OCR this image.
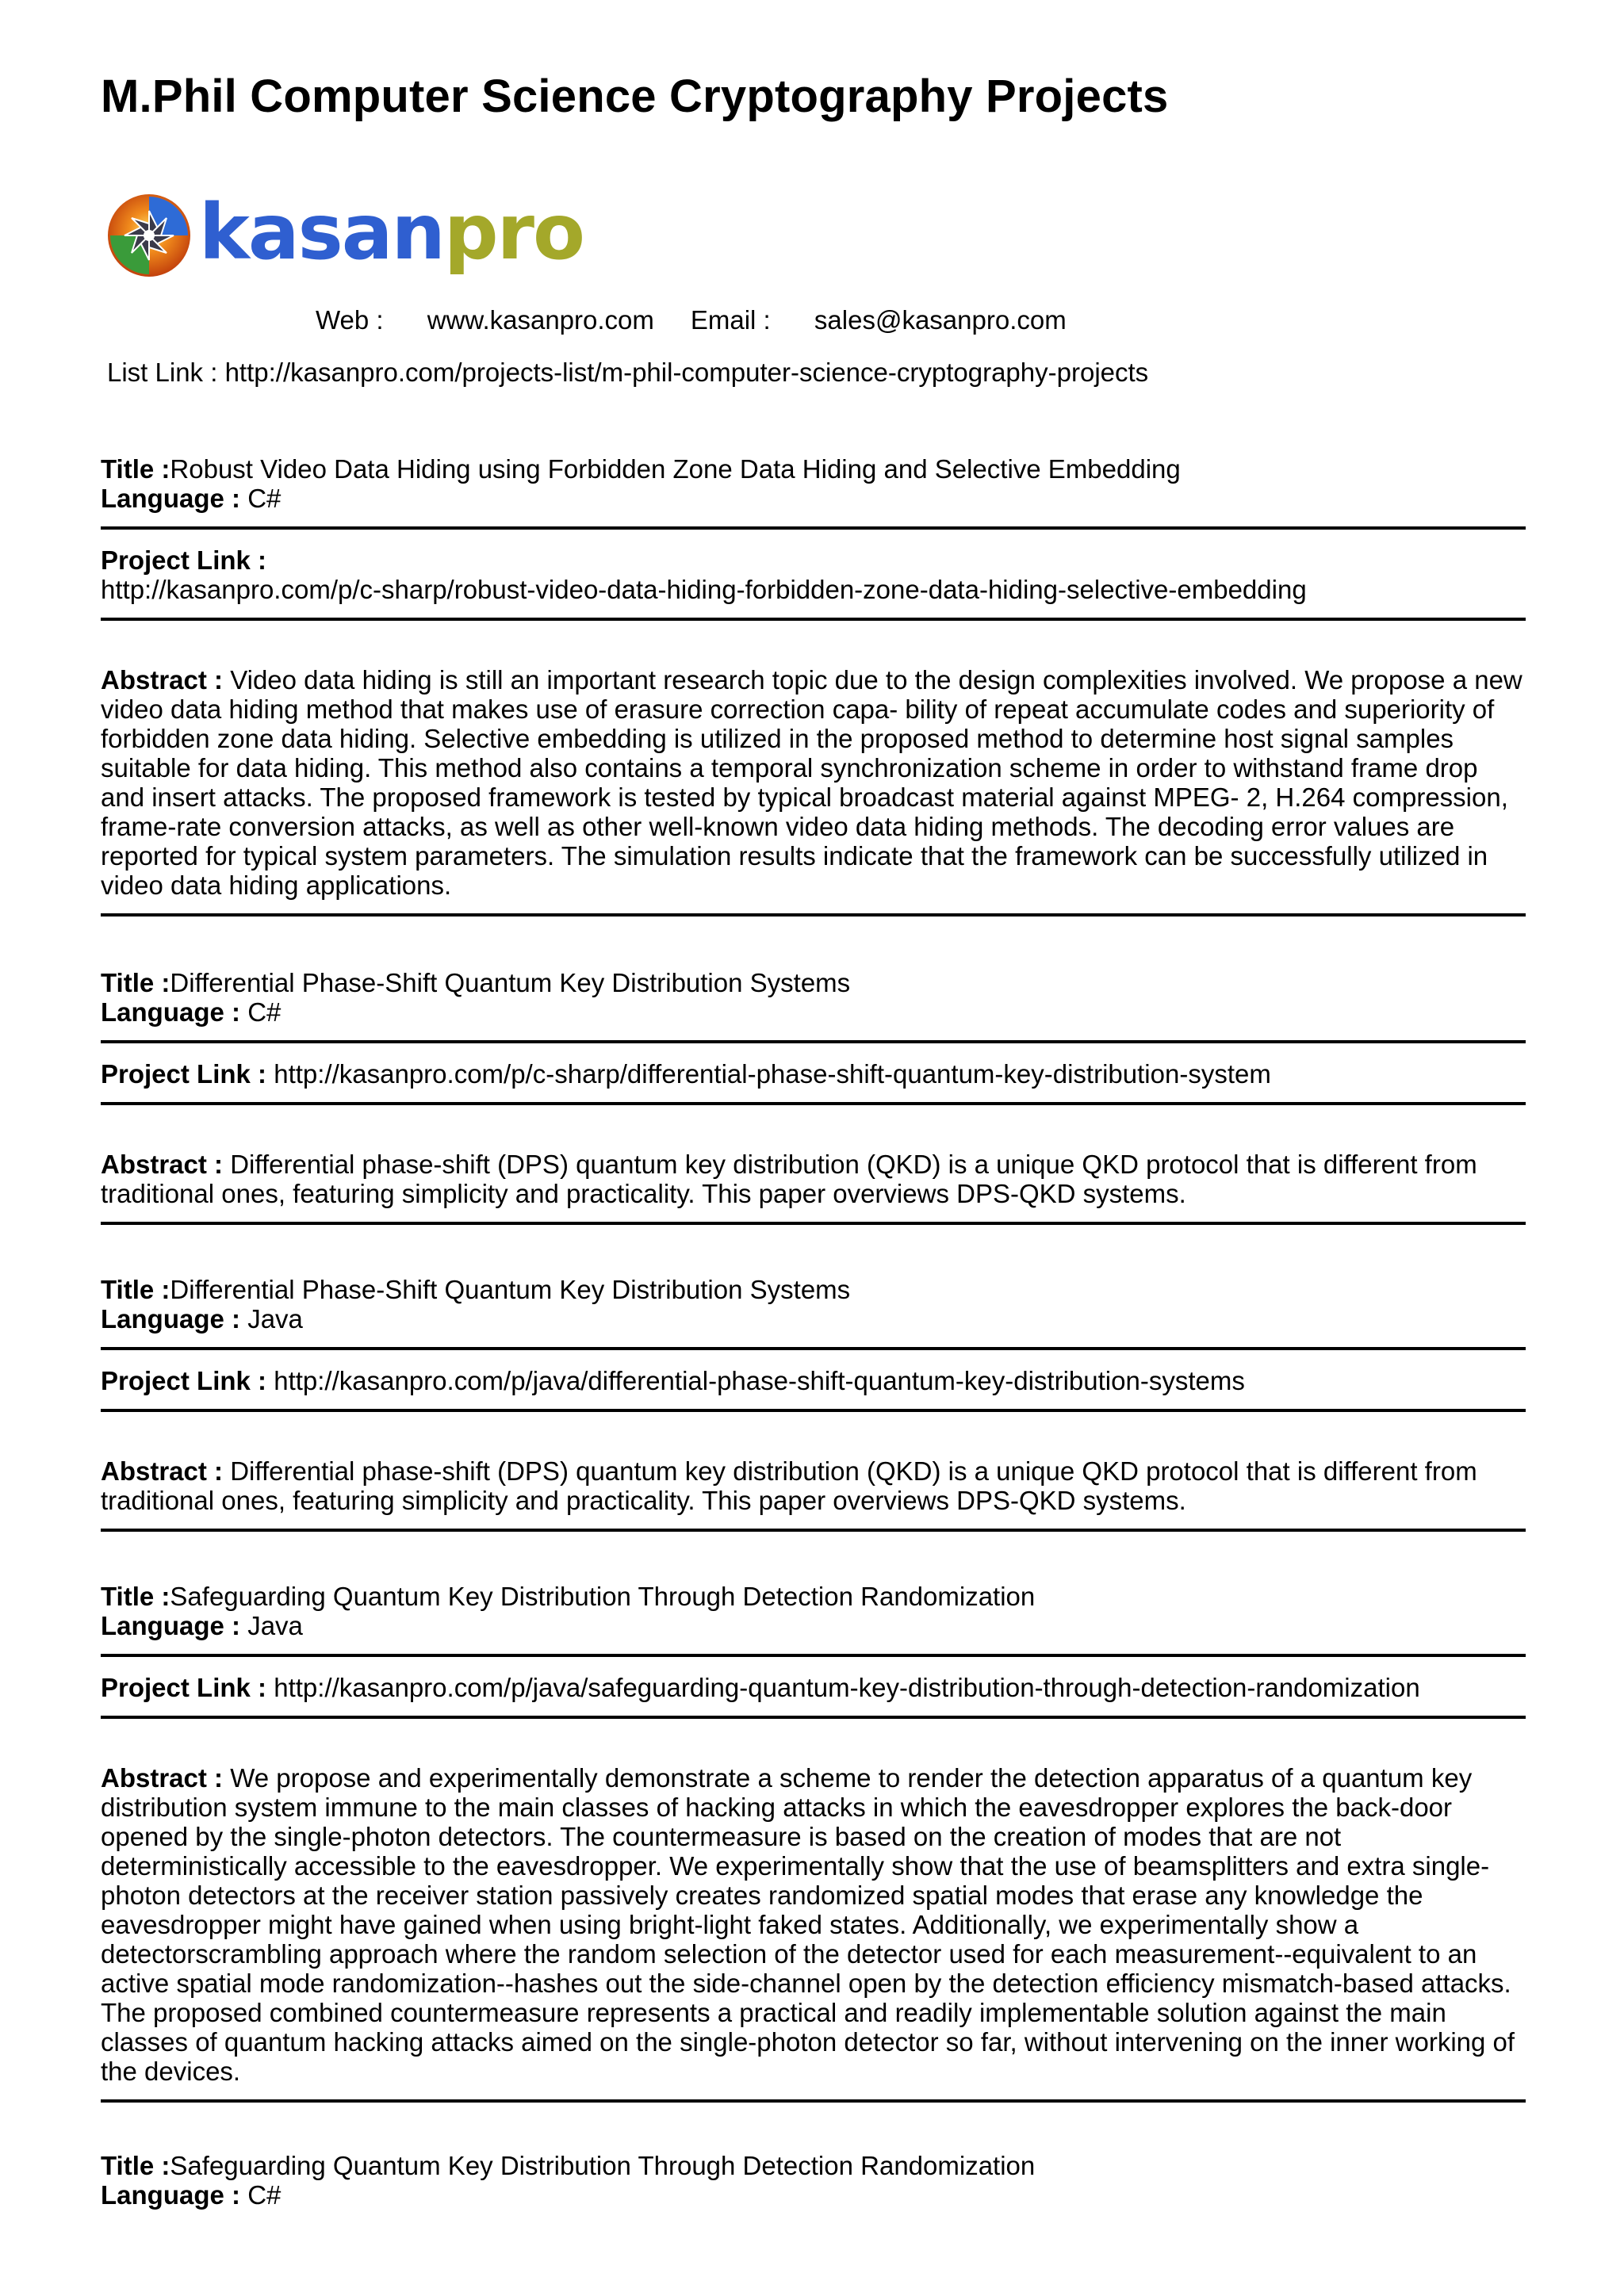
M.Phil Computer Science Cryptography Projects
kasanpro
Web : www.kasanpro.com Email : sales@kasanpro.com
List Link : http://kasanpro.com/projects-list/m-phil-computer-science-cryptography-projects

Title :Robust Video Data Hiding using Forbidden Zone Data Hiding and Selective Embedding

Language : C#

Project Link :

http://kasanpro.com/p/c-sharp/robust-video-data-hiding-forbidden-zone-data-hiding-selective-embedding

Abstract : Video data hiding is still an important research topic due to the design complexities involved. We propose a new video data hiding method that makes use of erasure correction capa- bility of repeat accumulate codes and superiority of forbidden zone data hiding. Selective embedding is utilized in the proposed method to determine host signal samples suitable for data hiding. This method also contains a temporal synchronization scheme in order to withstand frame drop and insert attacks. The proposed framework is tested by typical broadcast material against MPEG- 2, H.264 compression, frame-rate conversion attacks, as well as other well-known video data hiding methods. The decoding error values are reported for typical system parameters. The simulation results indicate that the framework can be successfully utilized in video data hiding applications.

Title :Differential Phase-Shift Quantum Key Distribution Systems

Language : C#

Project Link : http://kasanpro.com/p/c-sharp/differential-phase-shift-quantum-key-distribution-system

Abstract : Differential phase-shift (DPS) quantum key distribution (QKD) is a unique QKD protocol that is different from traditional ones, featuring simplicity and practicality. This paper overviews DPS-QKD systems.

Title :Differential Phase-Shift Quantum Key Distribution Systems

Language : Java

Project Link : http://kasanpro.com/p/java/differential-phase-shift-quantum-key-distribution-systems

Abstract : Differential phase-shift (DPS) quantum key distribution (QKD) is a unique QKD protocol that is different from traditional ones, featuring simplicity and practicality. This paper overviews DPS-QKD systems.

Title :Safeguarding Quantum Key Distribution Through Detection Randomization

Language : Java

Project Link : http://kasanpro.com/p/java/safeguarding-quantum-key-distribution-through-detection-randomization

Abstract : We propose and experimentally demonstrate a scheme to render the detection apparatus of a quantum key distribution system immune to the main classes of hacking attacks in which the eavesdropper explores the back-door opened by the single-photon detectors. The countermeasure is based on the creation of modes that are not deterministically accessible to the eavesdropper. We experimentally show that the use of beamsplitters and extra single-photon detectors at the receiver station passively creates randomized spatial modes that erase any knowledge the eavesdropper might have gained when using bright-light faked states. Additionally, we experimentally show a detectorscrambling approach where the random selection of the detector used for each measurement--equivalent to an active spatial mode randomization--hashes out the side-channel open by the detection efficiency mismatch-based attacks. The proposed combined countermeasure represents a practical and readily implementable solution against the main classes of quantum hacking attacks aimed on the single-photon detector so far, without intervening on the inner working of the devices.

Title :Safeguarding Quantum Key Distribution Through Detection Randomization

Language : C#
